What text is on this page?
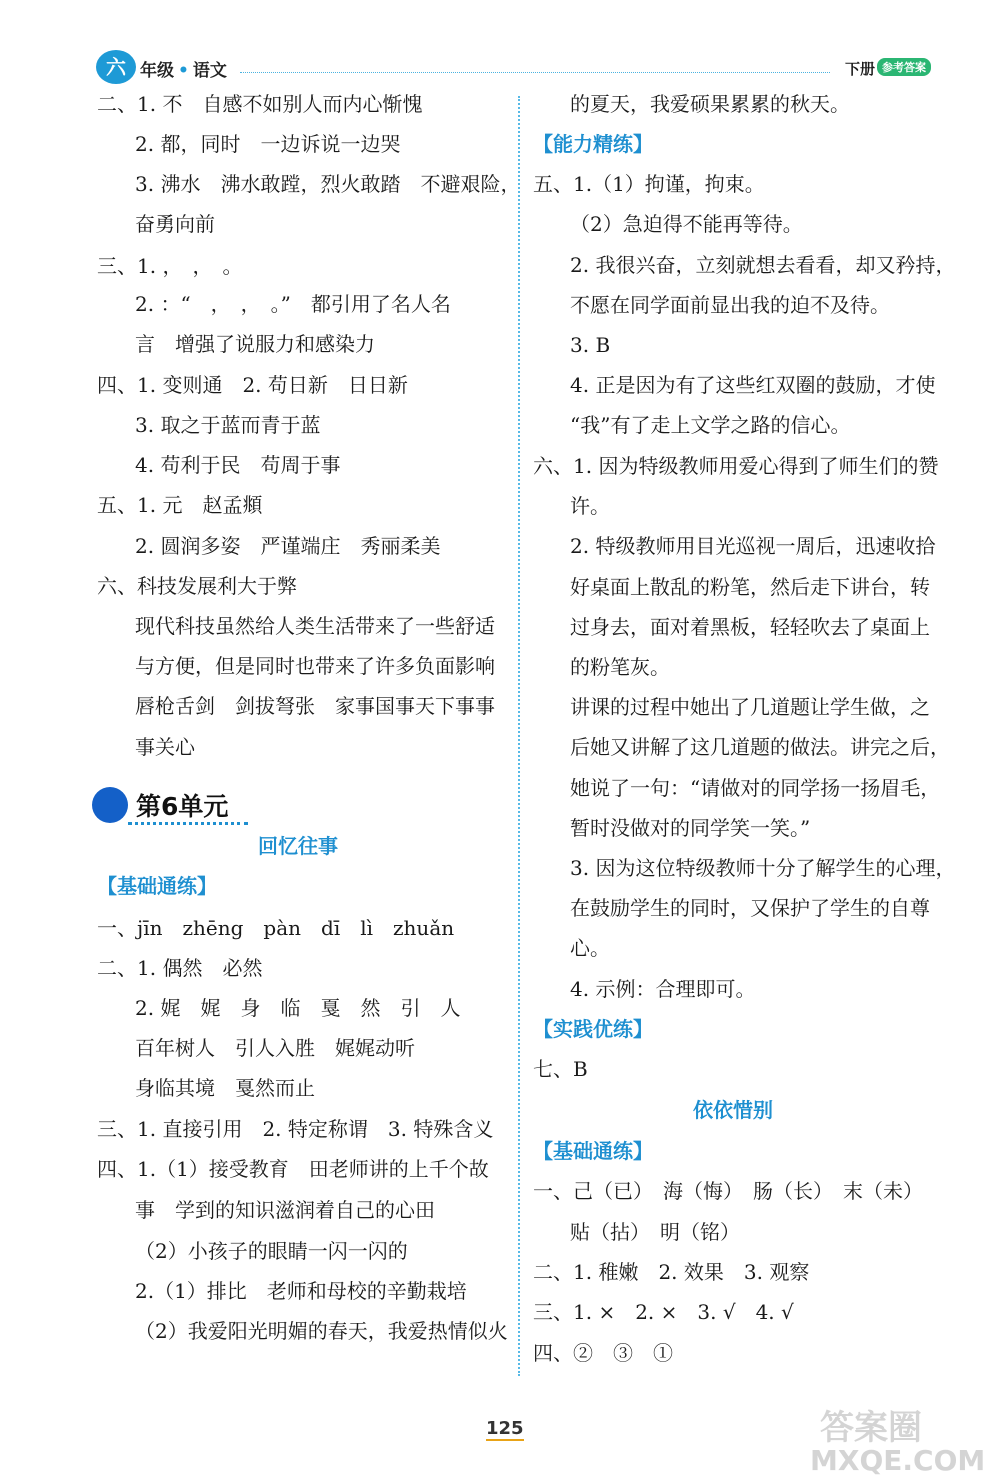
六 年级 • 语文	下册 参考答案
二、1. 不　自感不如别人而内心惭愧
2. 都，同时　一边诉说一边哭
3. 沸水　沸水敢蹚，烈火敢踏　不避艰险，
奋勇向前
三、1. ，　，　。
2. ：“　，　，　。”　都引用了名人名
言　增强了说服力和感染力
四、1. 变则通　2. 苟日新　日日新
3. 取之于蓝而青于蓝
4. 苟利于民　苟周于事
五、1. 元　赵孟頫
2. 圆润多姿　严谨端庄　秀丽柔美
六、科技发展利大于弊
现代科技虽然给人类生活带来了一些舒适
与方便，但是同时也带来了许多负面影响
唇枪舌剑　剑拔弩张　家事国事天下事事
事关心
第6单元
回忆往事
【基础通练】
一、jīn　zhēng　pàn　dī　lì　zhuǎn
二、1. 偶然　必然
2. 娓　娓　身　临　戛　然　引　人
百年树人　引人入胜　娓娓动听
身临其境　戛然而止
三、1. 直接引用　2. 特定称谓　3. 特殊含义
四、1.（1）接受教育　田老师讲的上千个故
事　学到的知识滋润着自己的心田
（2）小孩子的眼睛一闪一闪的
2.（1）排比　老师和母校的辛勤栽培
（2）我爱阳光明媚的春天，我爱热情似火
的夏天，我爱硕果累累的秋天。
【能力精练】
五、1.（1）拘谨，拘束。
（2）急迫得不能再等待。
2. 我很兴奋，立刻就想去看看，却又矜持，
不愿在同学面前显出我的迫不及待。
3. B
4. 正是因为有了这些红双圈的鼓励，才使
“我”有了走上文学之路的信心。
六、1. 因为特级教师用爱心得到了师生们的赞
许。
2. 特级教师用目光巡视一周后，迅速收拾
好桌面上散乱的粉笔，然后走下讲台，转
过身去，面对着黑板，轻轻吹去了桌面上
的粉笔灰。
讲课的过程中她出了几道题让学生做，之
后她又讲解了这几道题的做法。讲完之后，
她说了一句：“请做对的同学扬一扬眉毛，
暂时没做对的同学笑一笑。”
3. 因为这位特级教师十分了解学生的心理，
在鼓励学生的同时，又保护了学生的自尊
心。
4. 示例：合理即可。
【实践优练】
七、B
依依惜别
【基础通练】
一、己（已）　海（悔）　肠（长）　末（未）
贴（拈）　明（铭）
二、1. 稚嫩　2. 效果　3. 观察
三、1. ×　2. ×　3. √　4. √
四、②　③　①
125	答案圈
MXQE.COM
